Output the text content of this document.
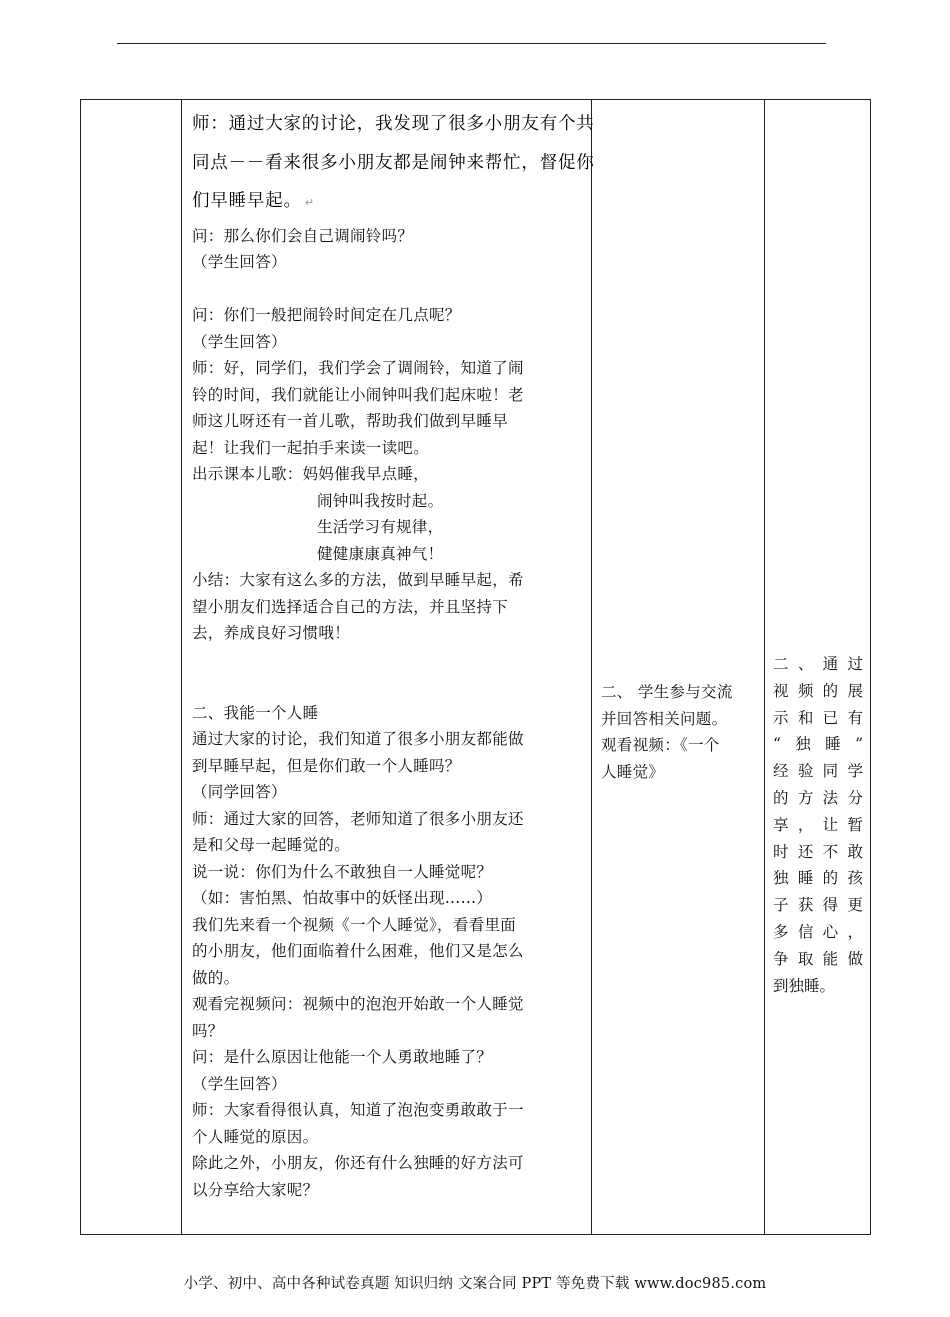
师：通过大家的讨论，我发现了很多小朋友有个共

同点－－看来很多小朋友都是闹钟来帮忙，督促你

们早睡早起。 ↵

问：那么你们会自己调闹铃吗？

（学生回答）

问：你们一般把闹铃时间定在几点呢？

（学生回答）

师：好，同学们，我们学会了调闹铃，知道了闹

铃的时间，我们就能让小闹钟叫我们起床啦！老

师这儿呀还有一首儿歌，帮助我们做到早睡早

起！让我们一起拍手来读一读吧。

出示课本儿歌：妈妈催我早点睡，

闹钟叫我按时起。

生活学习有规律，

健健康康真神气！

小结：大家有这么多的方法，做到早睡早起，希

望小朋友们选择适合自己的方法，并且坚持下

去，养成良好习惯哦！

二、我能一个人睡

通过大家的讨论，我们知道了很多小朋友都能做

到早睡早起，但是你们敢一个人睡吗？

（同学回答）

师：通过大家的回答，老师知道了很多小朋友还

是和父母一起睡觉的。

说一说：你们为什么不敢独自一人睡觉呢？

（如：害怕黑、怕故事中的妖怪出现……）

我们先来看一个视频《一个人睡觉》，看看里面

的小朋友，他们面临着什么困难，他们又是怎么

做的。

观看完视频问：视频中的泡泡开始敢一个人睡觉

吗？

问：是什么原因让他能一个人勇敢地睡了？

（学生回答）

师：大家看得很认真，知道了泡泡变勇敢敢于一

个人睡觉的原因。

除此之外，小朋友，你还有什么独睡的好方法可

以分享给大家呢？

二、 学生参与交流

并回答相关问题。

观看视频：《一个

人睡觉》

二、通过

视频的展

示和已有

“独睡”

经验同学

的方法分

享，让暂

时还不敢

独睡的孩

子获得更

多信心，

争取能做

到独睡。

小学、初中、高中各种试卷真题 知识归纳 文案合同 PPT 等免费下载 www.doc985.com
